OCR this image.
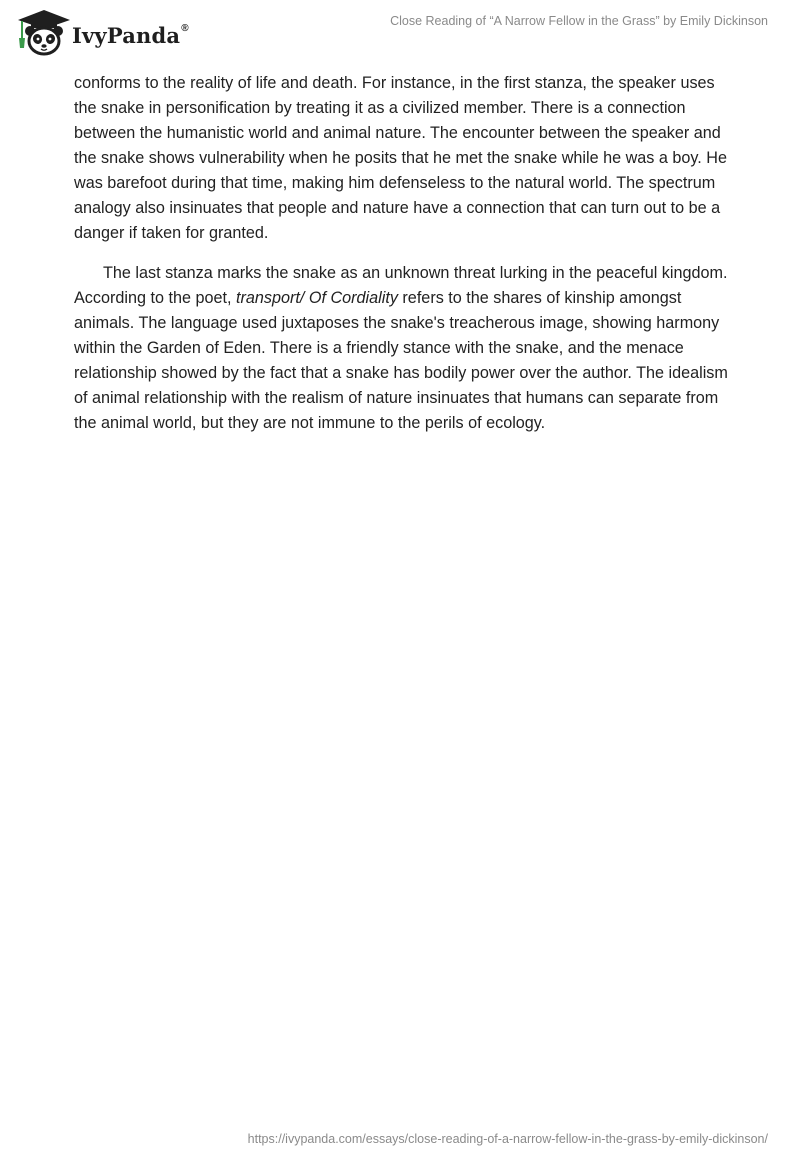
IvyPanda®	Close Reading of “A Narrow Fellow in the Grass” by Emily Dickinson

conforms to the reality of life and death. For instance, in the first stanza, the speaker uses the snake in personification by treating it as a civilized member. There is a connection between the humanistic world and animal nature. The encounter between the speaker and the snake shows vulnerability when he posits that he met the snake while he was a boy. He was barefoot during that time, making him defenseless to the natural world. The spectrum analogy also insinuates that people and nature have a connection that can turn out to be a danger if taken for granted.

The last stanza marks the snake as an unknown threat lurking in the peaceful kingdom. According to the poet, transport/ Of Cordiality refers to the shares of kinship amongst animals. The language used juxtaposes the snake's treacherous image, showing harmony within the Garden of Eden. There is a friendly stance with the snake, and the menace relationship showed by the fact that a snake has bodily power over the author. The idealism of animal relationship with the realism of nature insinuates that humans can separate from the animal world, but they are not immune to the perils of ecology.

https://ivypanda.com/essays/close-reading-of-a-narrow-fellow-in-the-grass-by-emily-dickinson/
